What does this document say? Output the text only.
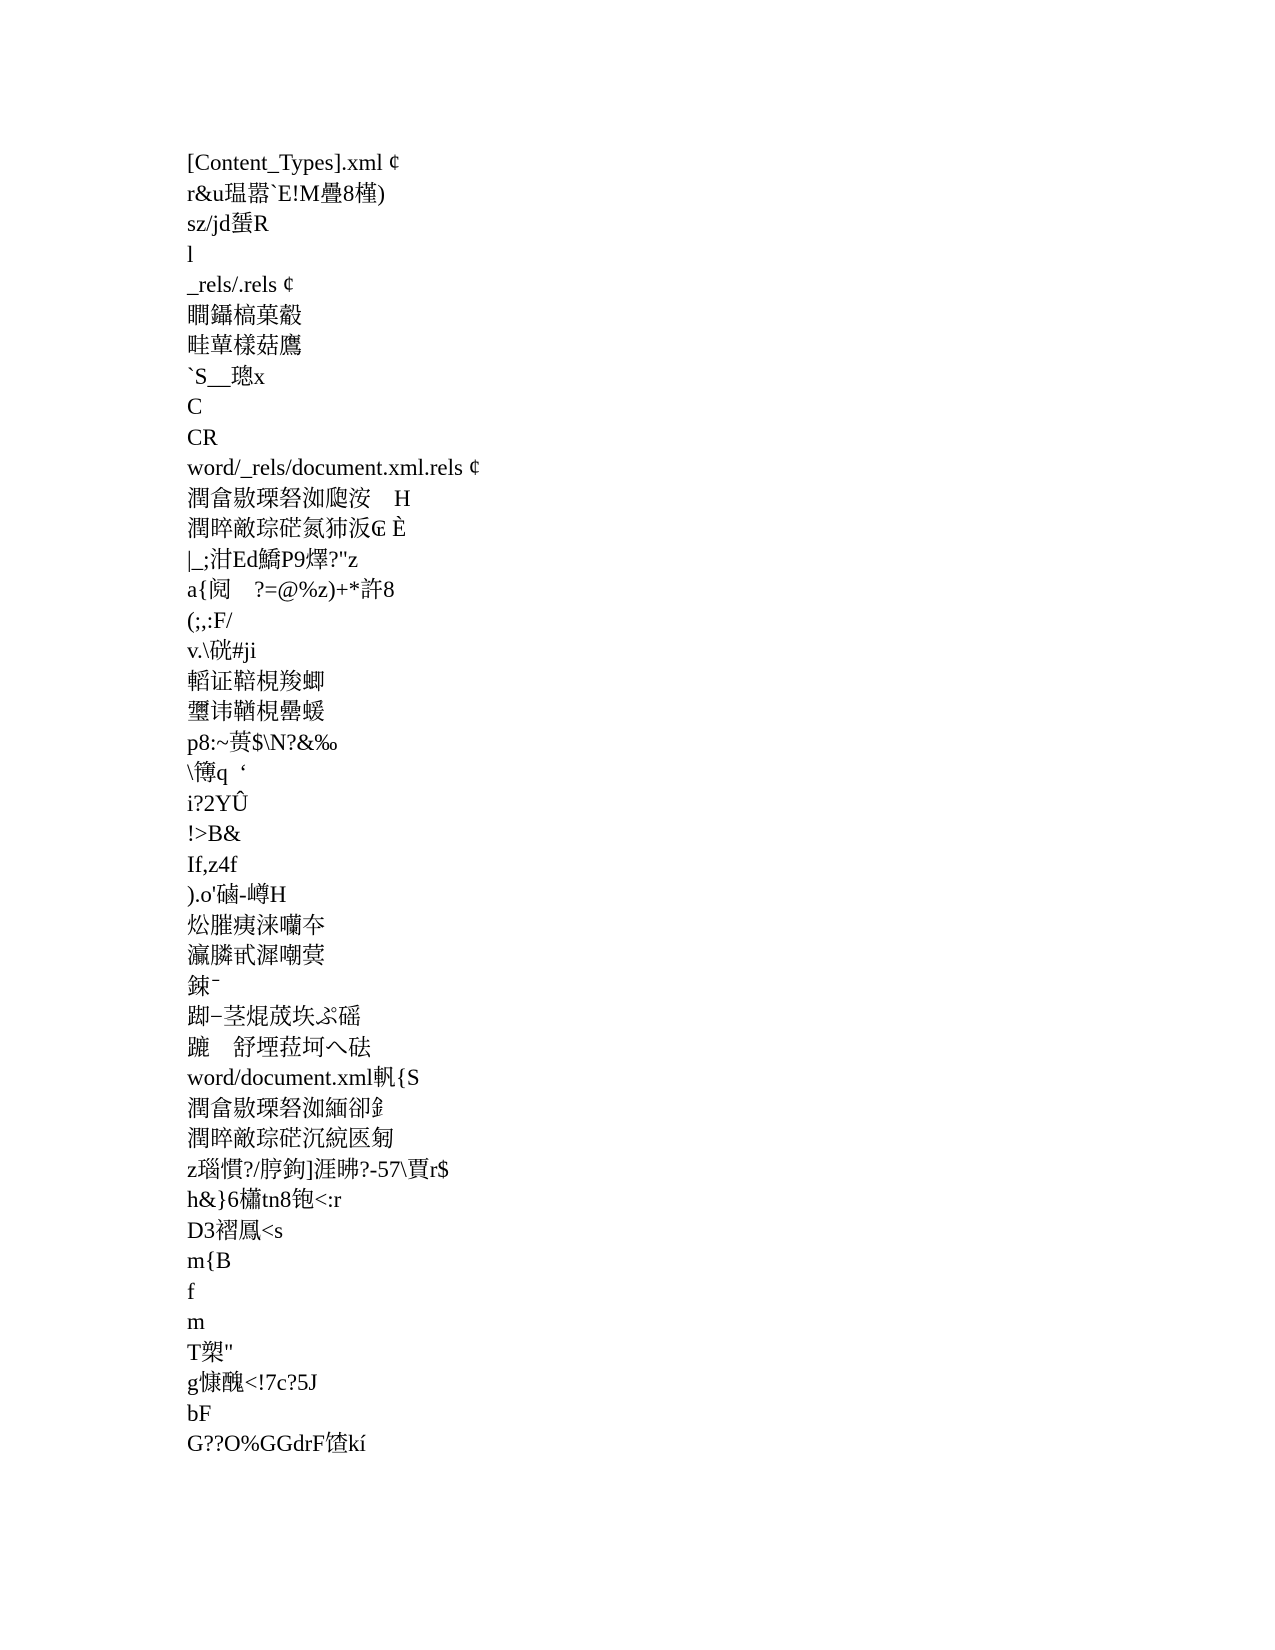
[Content_Types].xml ¢
r&u瑥嚣`E!M疊8槿)
sz/jd蜑R
l
_rels/.rels ¢
瞷鑷槁菓觳
畦蕇樣菇鷹
`S__璁x
C
CR
word/_rels/document.xml.rels ¢
潤畣敭瑮砮洳瓟洝    H
潤晬敵琮硭氮犻汳₢ È
|_;泔Ed鱎P9燡?"z
a{阋    ?=@%z)+*許8
(;,:F/
v.\硄#ji
轁证鞛梘羧蝍
瓕讳鞧梘罍蝯
p8:~蒉$\N?&‰
\簙q  ʻ
i?2YÛ
!>B&
If,z4f
).o'磠-嶟H
炂膗痍涞囒夲
灜膦甙漽嘲蓂
鋉 ̄
踋−茎焜荿垁ぷ磘
蹗    舒堙菈坷へ砝
word/document.xml軓{S
潤畣敭瑮砮洳緬卻釒
潤晬敵琮硭沉綂匧匑
z瑙慣?/脝鉤]涯昲?-57\賈r$
h&}6櫹tn8铇<:r
D3褶鳳<s
m{B
f
m
T槊"
g慷醜<!7c?5J
bF
G??O%GGdrF馇kí
